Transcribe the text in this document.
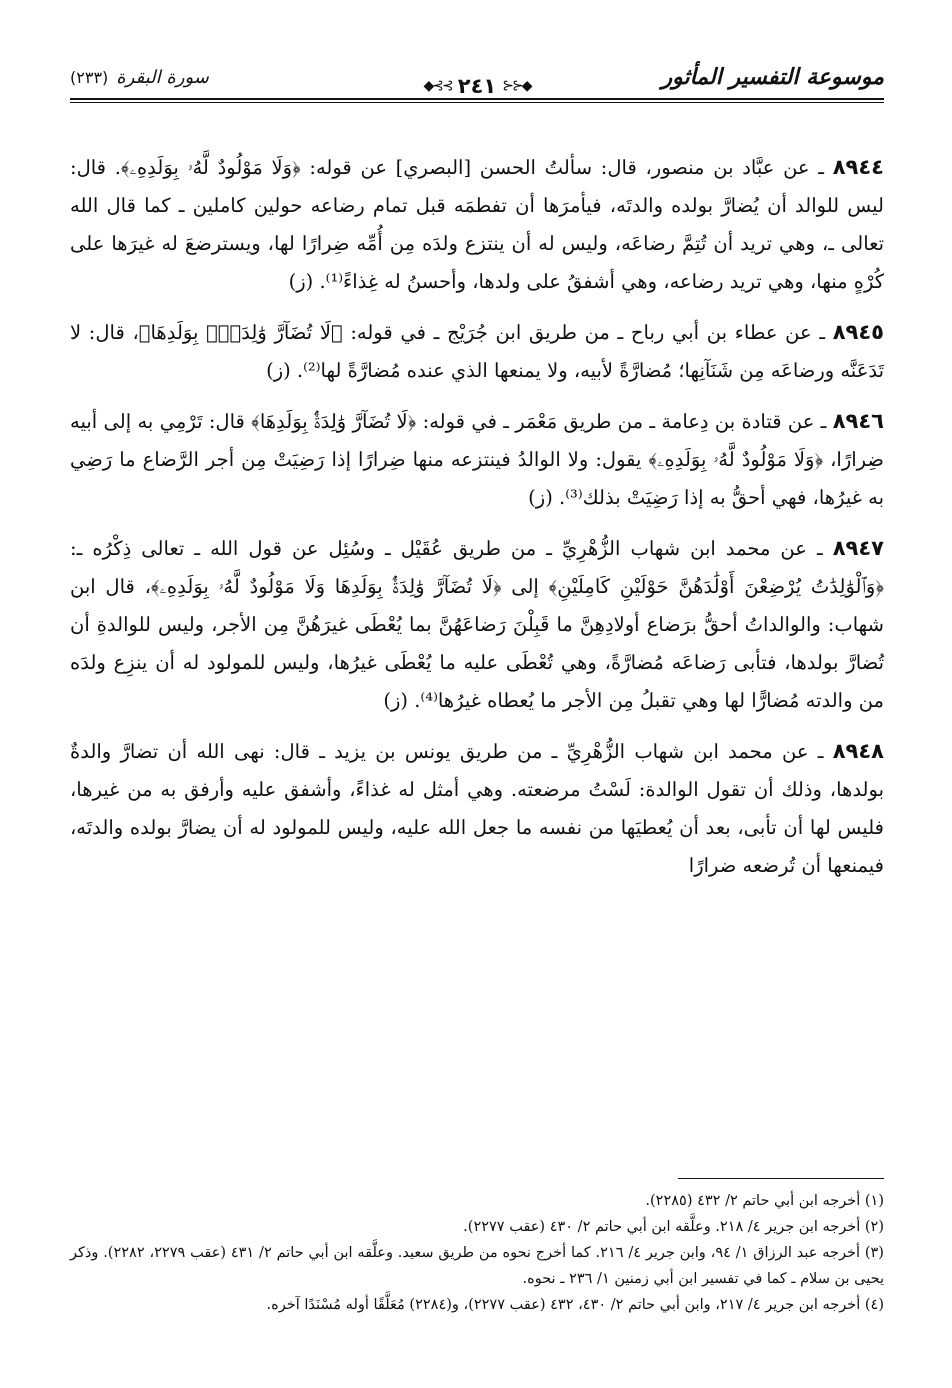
موسوعة التفسير المأثور
سورة البقرة
(٢٣٣)	◆⊰⊰
٢٤١
⊱⊱◆

٨٩٤٤ ـ عن عبَّاد بن منصور، قال: سألتُ الحسن [البصري] عن قوله: ﴿وَلَا مَوْلُودٌ لَّهُۥ بِوَلَدِهِۦ﴾. قال: ليس للوالد أن يُضارَّ بولده والدتَه، فيأمرَها أن تفطمَه قبل تمام رضاعه حولين كاملين ـ كما قال الله تعالى ـ، وهي تريد أن تُتِمَّ رضاعَه، وليس له أن ينتزع ولدَه مِن أُمِّه ضِرارًا لها، ويسترضعَ له غيرَها على كُرْهٍ منها، وهي تريد رضاعه، وهي أشفقُ على ولدها، وأحسنُ له غِذاءً⁽¹⁾. (ز)

٨٩٤٥ ـ عن عطاء بن أبي رباح ـ من طريق ابن جُرَيْج ـ في قوله: ﴿لَا تُضَآرَّ وَٰلِدَةٌۢ بِوَلَدِهَا﴾، قال: لا تَدَعَنَّه ورضاعَه مِن شَنَآنِها؛ مُضارَّةً لأبيه، ولا يمنعها الذي عنده مُضارَّةً لها⁽²⁾. (ز)

٨٩٤٦ ـ عن قتادة بن دِعامة ـ من طريق مَعْمَر ـ في قوله: ﴿لَا تُضَآرَّ وَٰلِدَةٌۢ بِوَلَدِهَا﴾ قال: تَرْمِي به إلى أبيه ضِرارًا، ﴿وَلَا مَوْلُودٌ لَّهُۥ بِوَلَدِهِۦ﴾ يقول: ولا الوالدُ فينتزعه منها ضِرارًا إذا رَضِيَتْ مِن أجر الرَّضاع ما رَضِي به غيرُها، فهي أحقُّ به إذا رَضِيَتْ بذلك⁽³⁾. (ز)

٨٩٤٧ ـ عن محمد ابن شهاب الزُّهْرِيِّ ـ من طريق عُقَيْل ـ وسُئِل عن قول الله ـ تعالى ذِكْرُه ـ: ﴿وَٱلْوَٰلِدَٰتُ يُرْضِعْنَ أَوْلَٰدَهُنَّ حَوْلَيْنِ كَامِلَيْنِ﴾ إلى ﴿لَا تُضَآرَّ وَٰلِدَةٌۢ بِوَلَدِهَا وَلَا مَوْلُودٌ لَّهُۥ بِوَلَدِهِۦ﴾، قال ابن شهاب: والوالداتُ أحقُّ برَضاع أولادِهِنَّ ما قَبِلْنَ رَضاعَهُنَّ بما يُعْطَى غيرَهُنَّ مِن الأجر، وليس للوالدةِ أن تُضارَّ بولدها، فتأبى رَضاعَه مُضارَّةً، وهي تُعْطَى عليه ما يُعْطَى غيرُها، وليس للمولود له أن ينزِع ولدَه من والدته مُضارًّا لها وهي تقبلُ مِن الأجر ما يُعطاه غيرُها⁽⁴⁾. (ز)

٨٩٤٨ ـ عن محمد ابن شهاب الزُّهْرِيِّ ـ من طريق يونس بن يزيد ـ قال: نهى الله أن تضارَّ والدةٌ بولدها، وذلك أن تقول الوالدة: لَسْتُ مرضعته. وهي أمثل له غذاءً، وأشفق عليه وأرفق به من غيرها، فليس لها أن تأبى، بعد أن يُعطيَها من نفسه ما جعل الله عليه، وليس للمولود له أن يضارَّ بولده والدتَه، فيمنعها أن تُرضعه ضرارًا

(١) أخرجه ابن أبي حاتم ٢/ ٤٣٢ (٢٢٨٥).

(٢) أخرجه ابن جرير ٤/ ٢١٨. وعلَّقه ابن أبي حاتم ٢/ ٤٣٠ (عقب ٢٢٧٧).

(٣) أخرجه عبد الرزاق ١/ ٩٤، وابن جرير ٤/ ٢١٦. كما أخرج نحوه من طريق سعيد. وعلَّقه ابن أبي حاتم ٢/ ٤٣١ (عقب ٢٢٧٩، ٢٢٨٢). وذكر يحيى بن سلام ـ كما في تفسير ابن أبي زمنين ١/ ٢٣٦ ـ نحوه.

(٤) أخرجه ابن جرير ٤/ ٢١٧، وابن أبي حاتم ٢/ ٤٣٠، ٤٣٢ (عقب ٢٢٧٧)، و(٢٢٨٤) مُعَلَّقًا أوله مُسْنَدًا آخره.
